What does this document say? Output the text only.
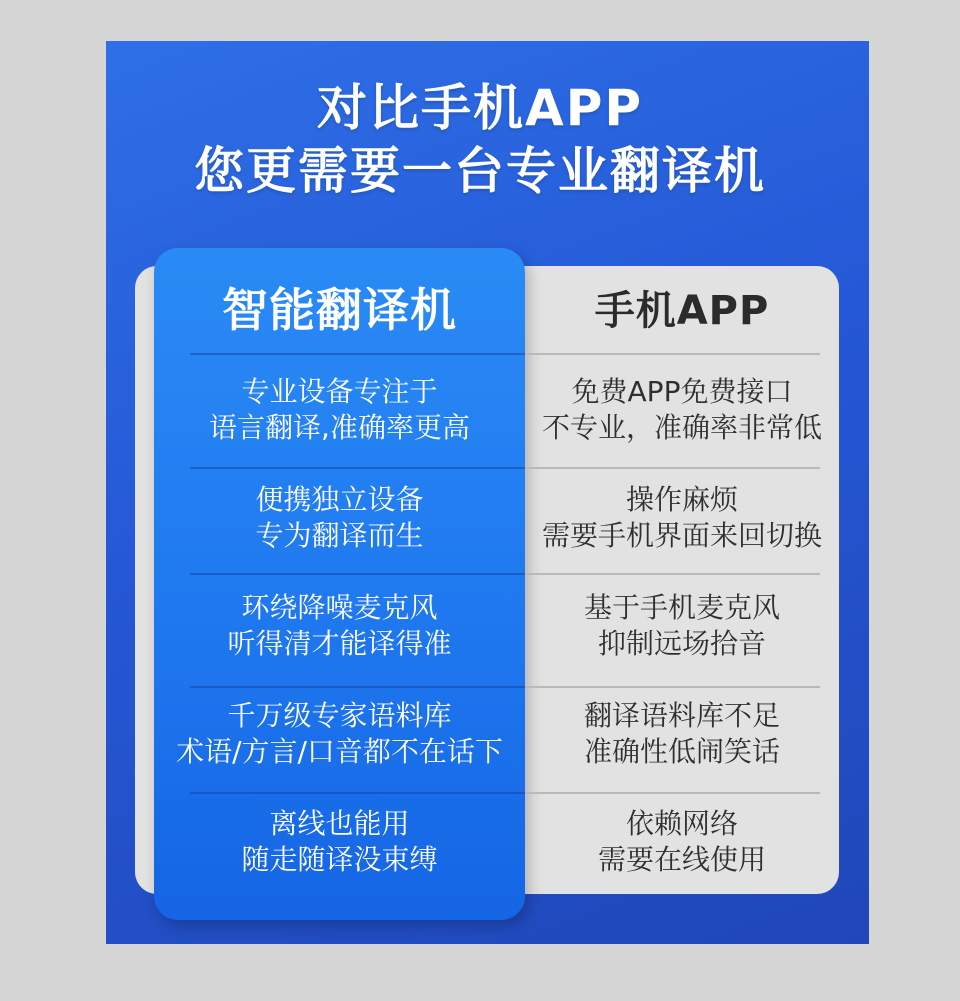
对比手机APP
您更需要一台专业翻译机
智能翻译机	手机APP
专业设备专注于
语言翻译,准确率更高
免费APP免费接口
不专业，准确率非常低
便携独立设备
专为翻译而生
操作麻烦
需要手机界面来回切换
环绕降噪麦克风
听得清才能译得准
基于手机麦克风
抑制远场拾音
千万级专家语料库
术语/方言/口音都不在话下
翻译语料库不足
准确性低闹笑话
离线也能用
随走随译没束缚
依赖网络
需要在线使用
